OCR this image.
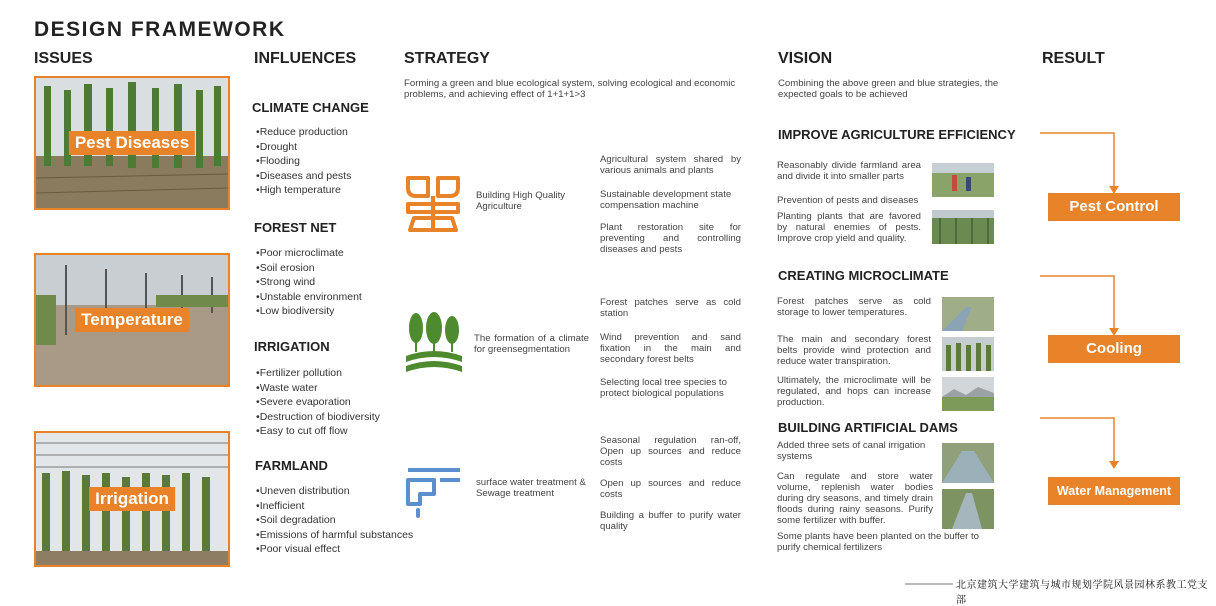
DESIGN FRAMEWORK
ISSUES	INFLUENCES	STRATEGY	VISION	RESULT
Pest Diseases
Temperature
Irrigation
CLIMATE CHANGE
• Reduce production
• Drought
• Flooding
• Diseases and pests
• High temperature
FOREST NET
• Poor microclimate
• Soil erosion
• Strong wind
• Unstable environment
• Low biodiversity
IRRIGATION
• Fertilizer pollution
• Waste water
• Severe evaporation
• Destruction of biodiversity
• Easy to cut off flow
FARMLAND
• Uneven distribution
• Inefficient
• Soil degradation
• Emissions of harmful substances
• Poor visual effect
Forming a green and blue ecological system, solving ecological and economic problems, and achieving effect of 1+1+1>3
Building High Quality Agriculture
Agricultural system shared by various animals and plants
Sustainable development state compensation machine
Plant restoration site for preventing and controlling diseases and pests
The formation of a climate for greensegmentation
Forest patches serve as cold station
Wind prevention and sand fixation in the main and secondary forest belts
Selecting local tree species to protect biological populations
surface water treatment & Sewage treatment
Seasonal regulation ran-off, Open up sources and reduce costs
Open up sources and reduce costs
Building a buffer to purify water quality
Combining the above green and blue strategies, the expected goals to be achieved
IMPROVE AGRICULTURE EFFICIENCY
Reasonably divide farmland area and divide it into smaller parts
Prevention of pests and diseases
Planting plants that are favored by natural enemies of pests. Improve crop yield and quality.
CREATING MICROCLIMATE
Forest patches serve as cold storage to lower temperatures.
The main and secondary forest belts provide wind protection and reduce water transpiration.
Ultimately, the microclimate will be regulated, and hops can increase production.
BUILDING ARTIFICIAL DAMS
Added three sets of canal irrigation systems
Can regulate and store water volume, replenish water bodies during dry seasons, and timely drain floods during rainy seasons. Purify some fertilizer with buffer.
Some plants have been planted on the buffer to purify chemical fertilizers
Pest Control
Cooling
Water Management
北京建筑大学建筑与城市规划学院风景园林系教工党支部
